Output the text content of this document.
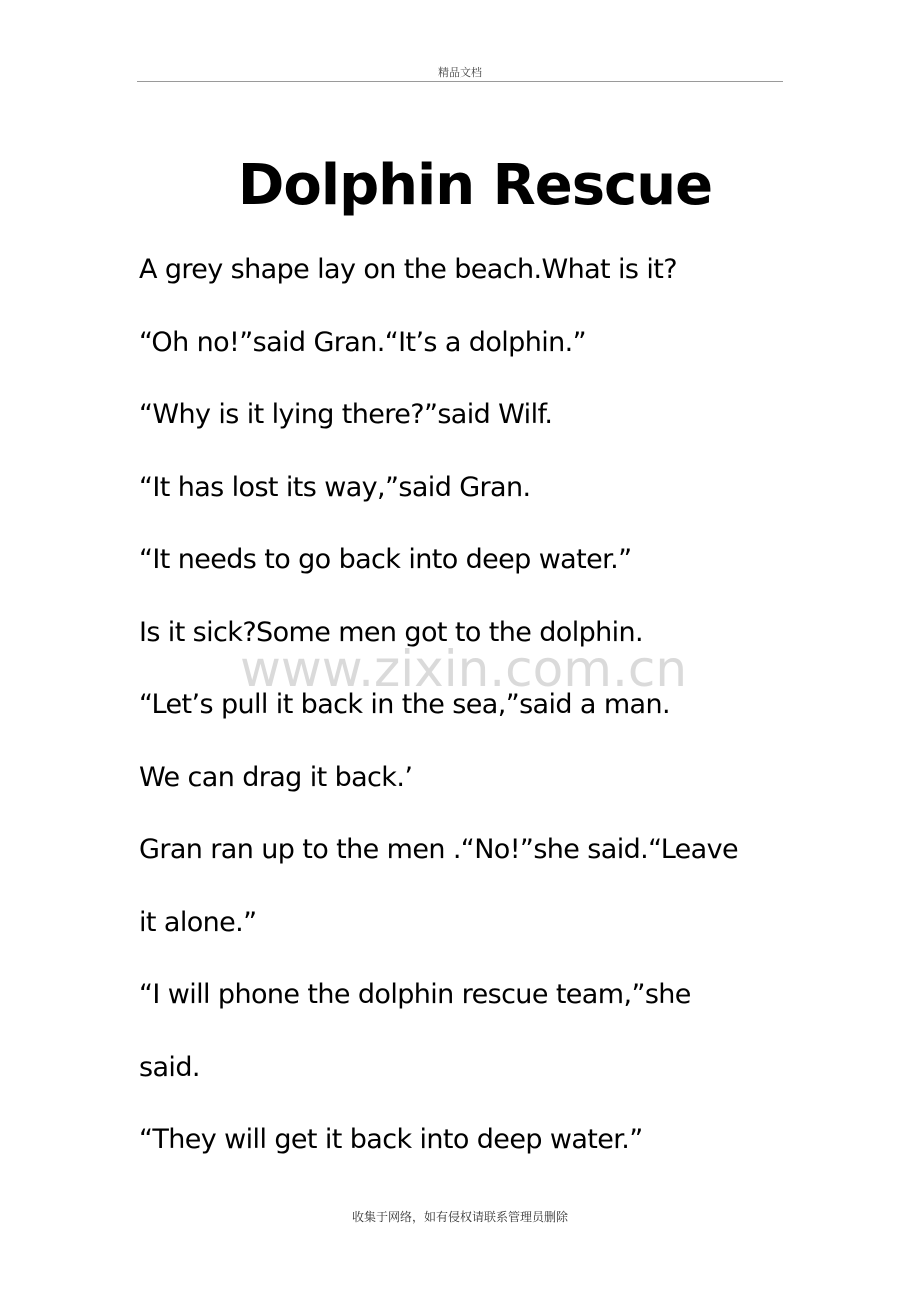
精品文档
Dolphin Rescue
A grey shape lay on the beach.What is it?
“Oh no!”said Gran.“It’s a dolphin.”
“Why is it lying there?”said Wilf.
“It has lost its way,”said Gran.
“It needs to go back into deep water.”
Is it sick?Some men got to the dolphin.
“Let’s pull it back in the sea,”said a man.
We can drag it back.’
Gran ran up to the men .“No!”she said.“Leave
it alone.”
“I will phone the dolphin rescue team,”she
said.
“They will get it back into deep water.”
www.zixin.com.cn
收集于网络，如有侵权请联系管理员删除
